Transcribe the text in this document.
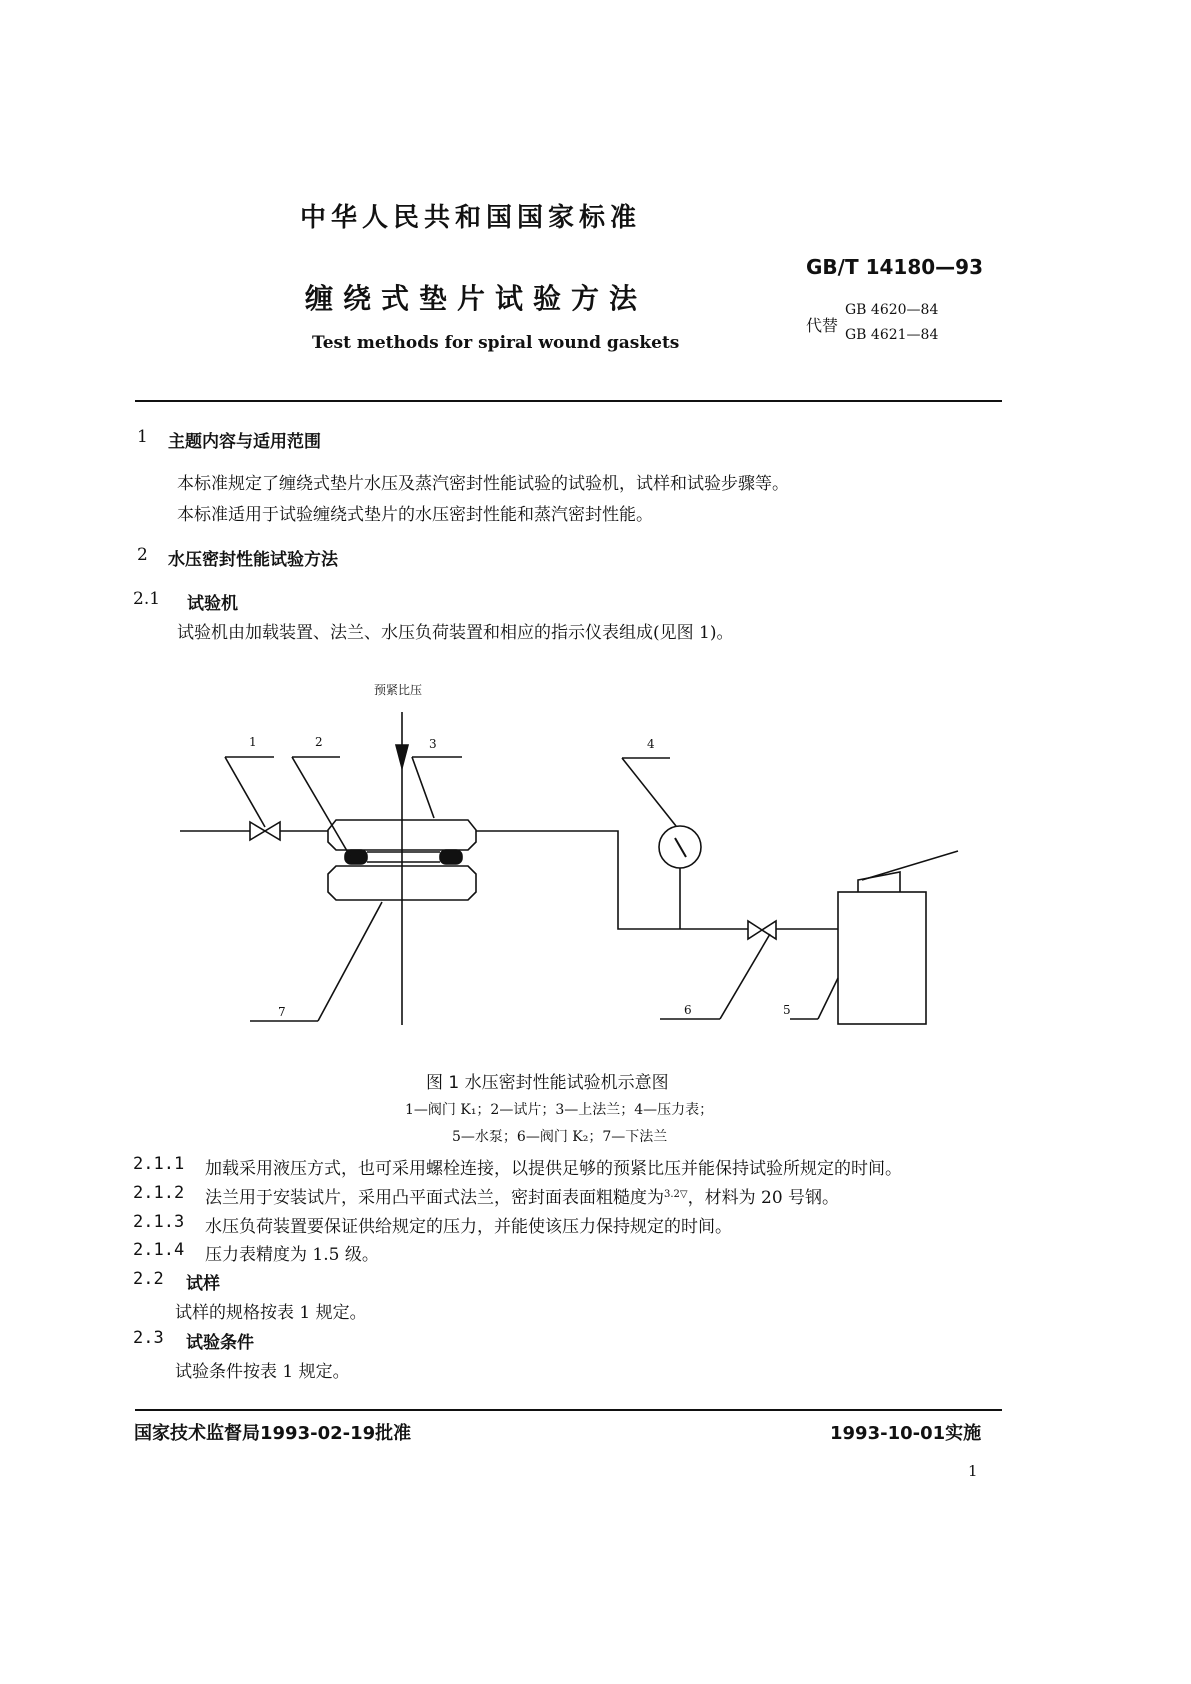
中华人民共和国国家标准
GB/T 14180—93
缠绕式垫片试验方法
代替
GB 4620—84
GB 4621—84
Test methods for spiral wound gaskets
1 主题内容与适用范围
本标准规定了缠绕式垫片水压及蒸汽密封性能试验的试验机，试样和试验步骤等。
本标准适用于试验缠绕式垫片的水压密封性能和蒸汽密封性能。
2 水压密封性能试验方法
2.1 试验机
试验机由加载装置、法兰、水压负荷装置和相应的指示仪表组成(见图 1)。
预紧比压
1	2	3	4
5
6
7
图 1 水压密封性能试验机示意图
1—阀门 K₁；2—试片；3—上法兰；4—压力表；
5—水泵；6—阀门 K₂；7—下法兰
2.1.1 加载采用液压方式，也可采用螺栓连接，以提供足够的预紧比压并能保持试验所规定的时间。
2.1.2 法兰用于安装试片，采用凸平面式法兰，密封面表面粗糙度为$^{3.2▽}$，材料为 20 号钢。
2.1.3 水压负荷装置要保证供给规定的压力，并能使该压力保持规定的时间。
2.1.4 压力表精度为 1.5 级。
2.2 试样
试样的规格按表 1 规定。
2.3 试验条件
试验条件按表 1 规定。
国家技术监督局1993-02-19批准	1993-10-01实施
1
